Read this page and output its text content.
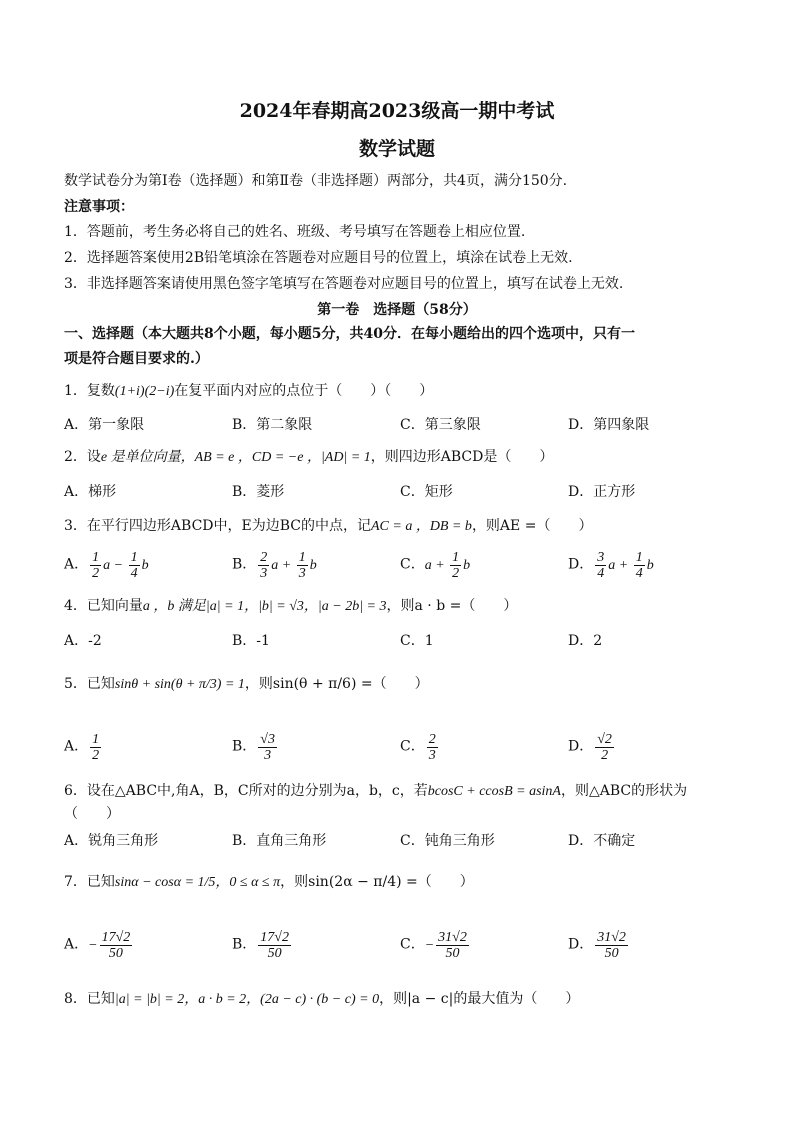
2024年春期高2023级高一期中考试
数学试题
数学试卷分为第Ⅰ卷（选择题）和第Ⅱ卷（非选择题）两部分，共4页，满分150分.
注意事项：
1．答题前，考生务必将自己的姓名、班级、考号填写在答题卷上相应位置.
2．选择题答案使用2B铅笔填涂在答题卷对应题目号的位置上，填涂在试卷上无效.
3．非选择题答案请使用黑色签字笔填写在答题卷对应题目号的位置上，填写在试卷上无效.
第一卷　选择题（58分）
一、选择题（本大题共8个小题，每小题5分，共40分．在每小题给出的四个选项中，只有一
项是符合题目要求的.）
1．复数(1+i)(2−i)在复平面内对应的点位于（　　）（　　）
A．第一象限	B．第二象限	C．第三象限	D．第四象限
2．设e 是单位向量，AB = e ，CD = −e ，|AD| = 1，则四边形ABCD是（　　）
A．梯形	B．菱形	C．矩形	D．正方形
3．在平行四边形ABCD中，E为边BC的中点，记AC = a ，DB = b，则AE =（　　）
A． $\frac{1}{2}$ $a - \frac{1}{4}$ b	B． $\frac{2}{3}$ $a + \frac{1}{3}$ b	C．$a + \frac{1}{2}$ b	D． $\frac{3}{4}$ $a + \frac{1}{4}$ b
4．已知向量a ，b 满足|a| = 1，|b| = √3，|a − 2b| = 3，则a · b =（　　）
A．-2	B．-1	C．1	D．2
5．已知sinθ + sin(θ + π/3) = 1，则sin(θ + π/6) =（　　）
A． $\frac{1}{2}$	B． $\frac{√3}{3}$	C． $\frac{2}{3}$	D． $\frac{√2}{2}$
6．设在△ABC中,角A，B，C所对的边分别为a，b，c，若bcosC + ccosB = asinA，则△ABC的形状为
（　　）
A．锐角三角形	B．直角三角形	C．钝角三角形	D．不确定
7．已知sinα − cosα = 1/5，0 ≤ α ≤ π，则sin(2α − π/4) =（　　）
A．− $\frac{17√2}{50}$	B． $\frac{17√2}{50}$	C．− $\frac{31√2}{50}$	D． $\frac{31√2}{50}$
8．已知|a| = |b| = 2，a · b = 2，(2a − c) · (b − c) = 0，则|a − c|的最大值为（　　）
